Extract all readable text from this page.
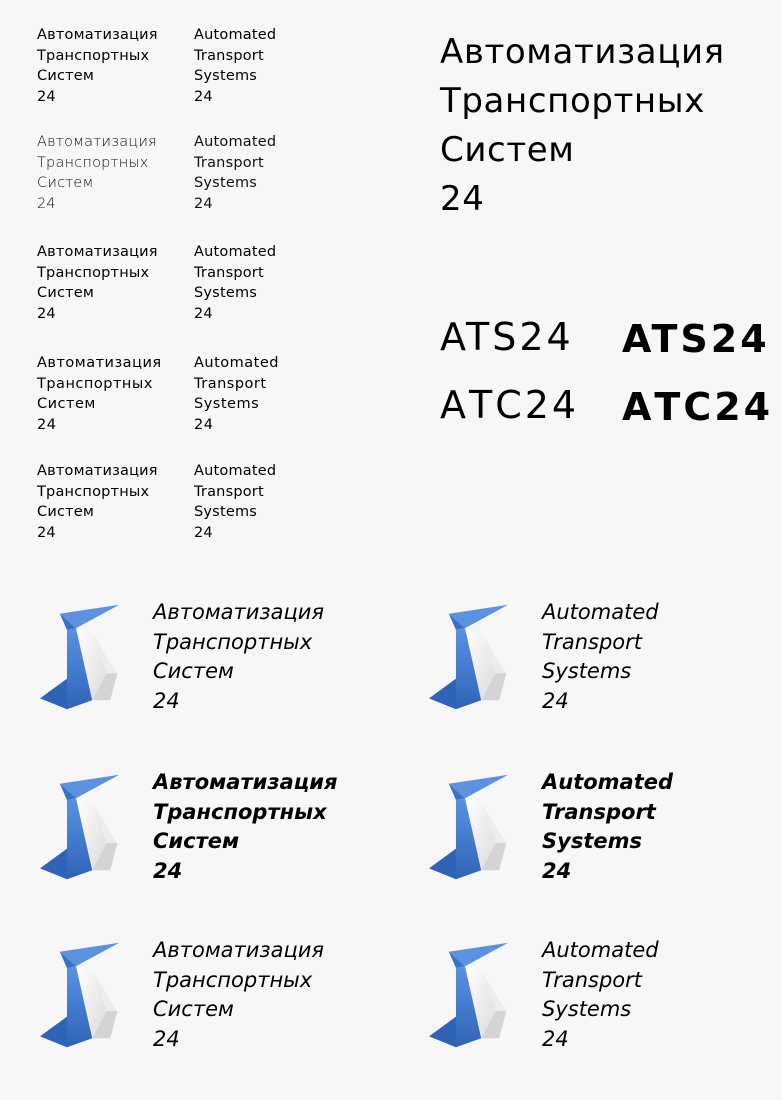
Автоматизация
Транспортных
Систем
24
Automated
Transport
Systems
24
Автоматизация
Транспортных
Систем
24
Automated
Transport
Systems
24
Автоматизация
Транспортных
Систем
24
Automated
Transport
Systems
24
Автоматизация
Транспортных
Систем
24
Automated
Transport
Systems
24
Автоматизация
Транспортных
Систем
24
Automated
Transport
Systems
24
Автоматизация
Транспортных
Систем
24
ATS24 ATS24
АТС24 АТС24
Автоматизация
Транспортных
Систем
24
Automated
Transport
Systems
24
Автоматизация
Транспортных
Систем
24
Automated
Transport
Systems
24
Автоматизация
Транспортных
Систем
24
Automated
Transport
Systems
24
